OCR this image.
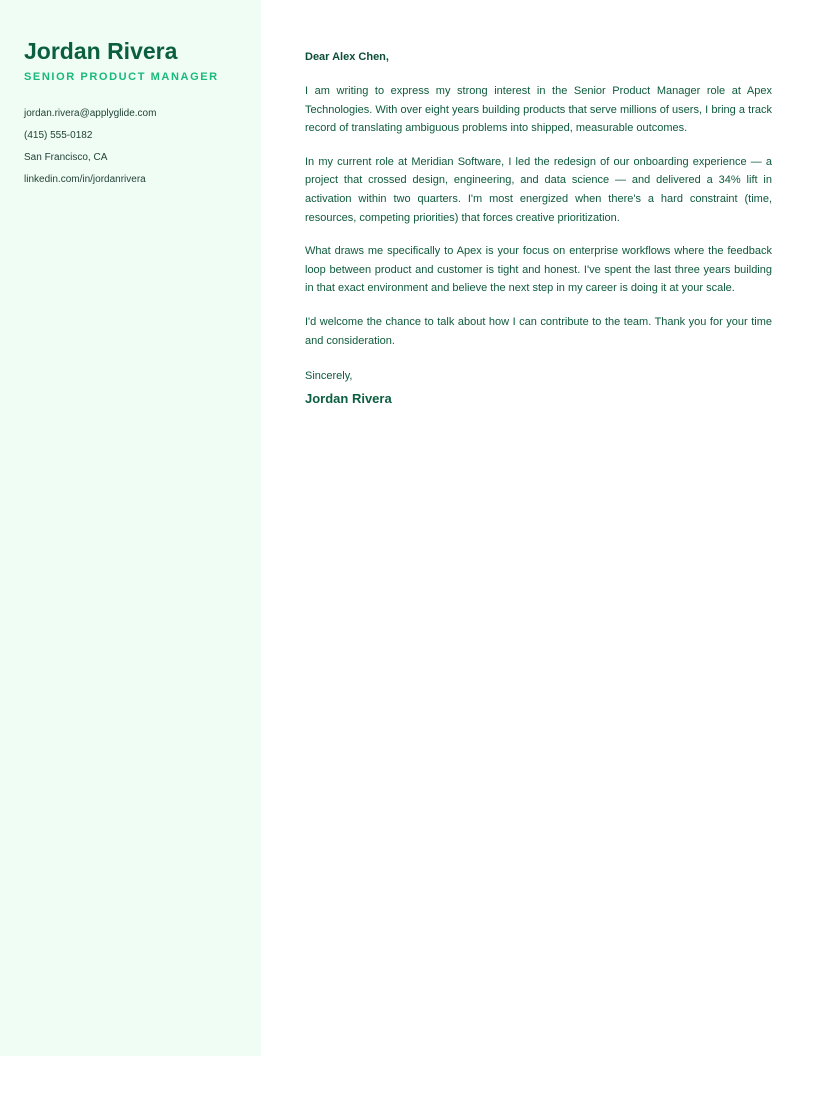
Jordan Rivera
SENIOR PRODUCT MANAGER
jordan.rivera@applyglide.com
(415) 555-0182
San Francisco, CA
linkedin.com/in/jordanrivera

Dear Alex Chen,

I am writing to express my strong interest in the Senior Product Manager role at Apex Technologies. With over eight years building products that serve millions of users, I bring a track record of translating ambiguous problems into shipped, measurable outcomes.

In my current role at Meridian Software, I led the redesign of our onboarding experience — a project that crossed design, engineering, and data science — and delivered a 34% lift in activation within two quarters. I'm most energized when there's a hard constraint (time, resources, competing priorities) that forces creative prioritization.

What draws me specifically to Apex is your focus on enterprise workflows where the feedback loop between product and customer is tight and honest. I've spent the last three years building in that exact environment and believe the next step in my career is doing it at your scale.

I'd welcome the chance to talk about how I can contribute to the team. Thank you for your time and consideration.

Sincerely,
Jordan Rivera
